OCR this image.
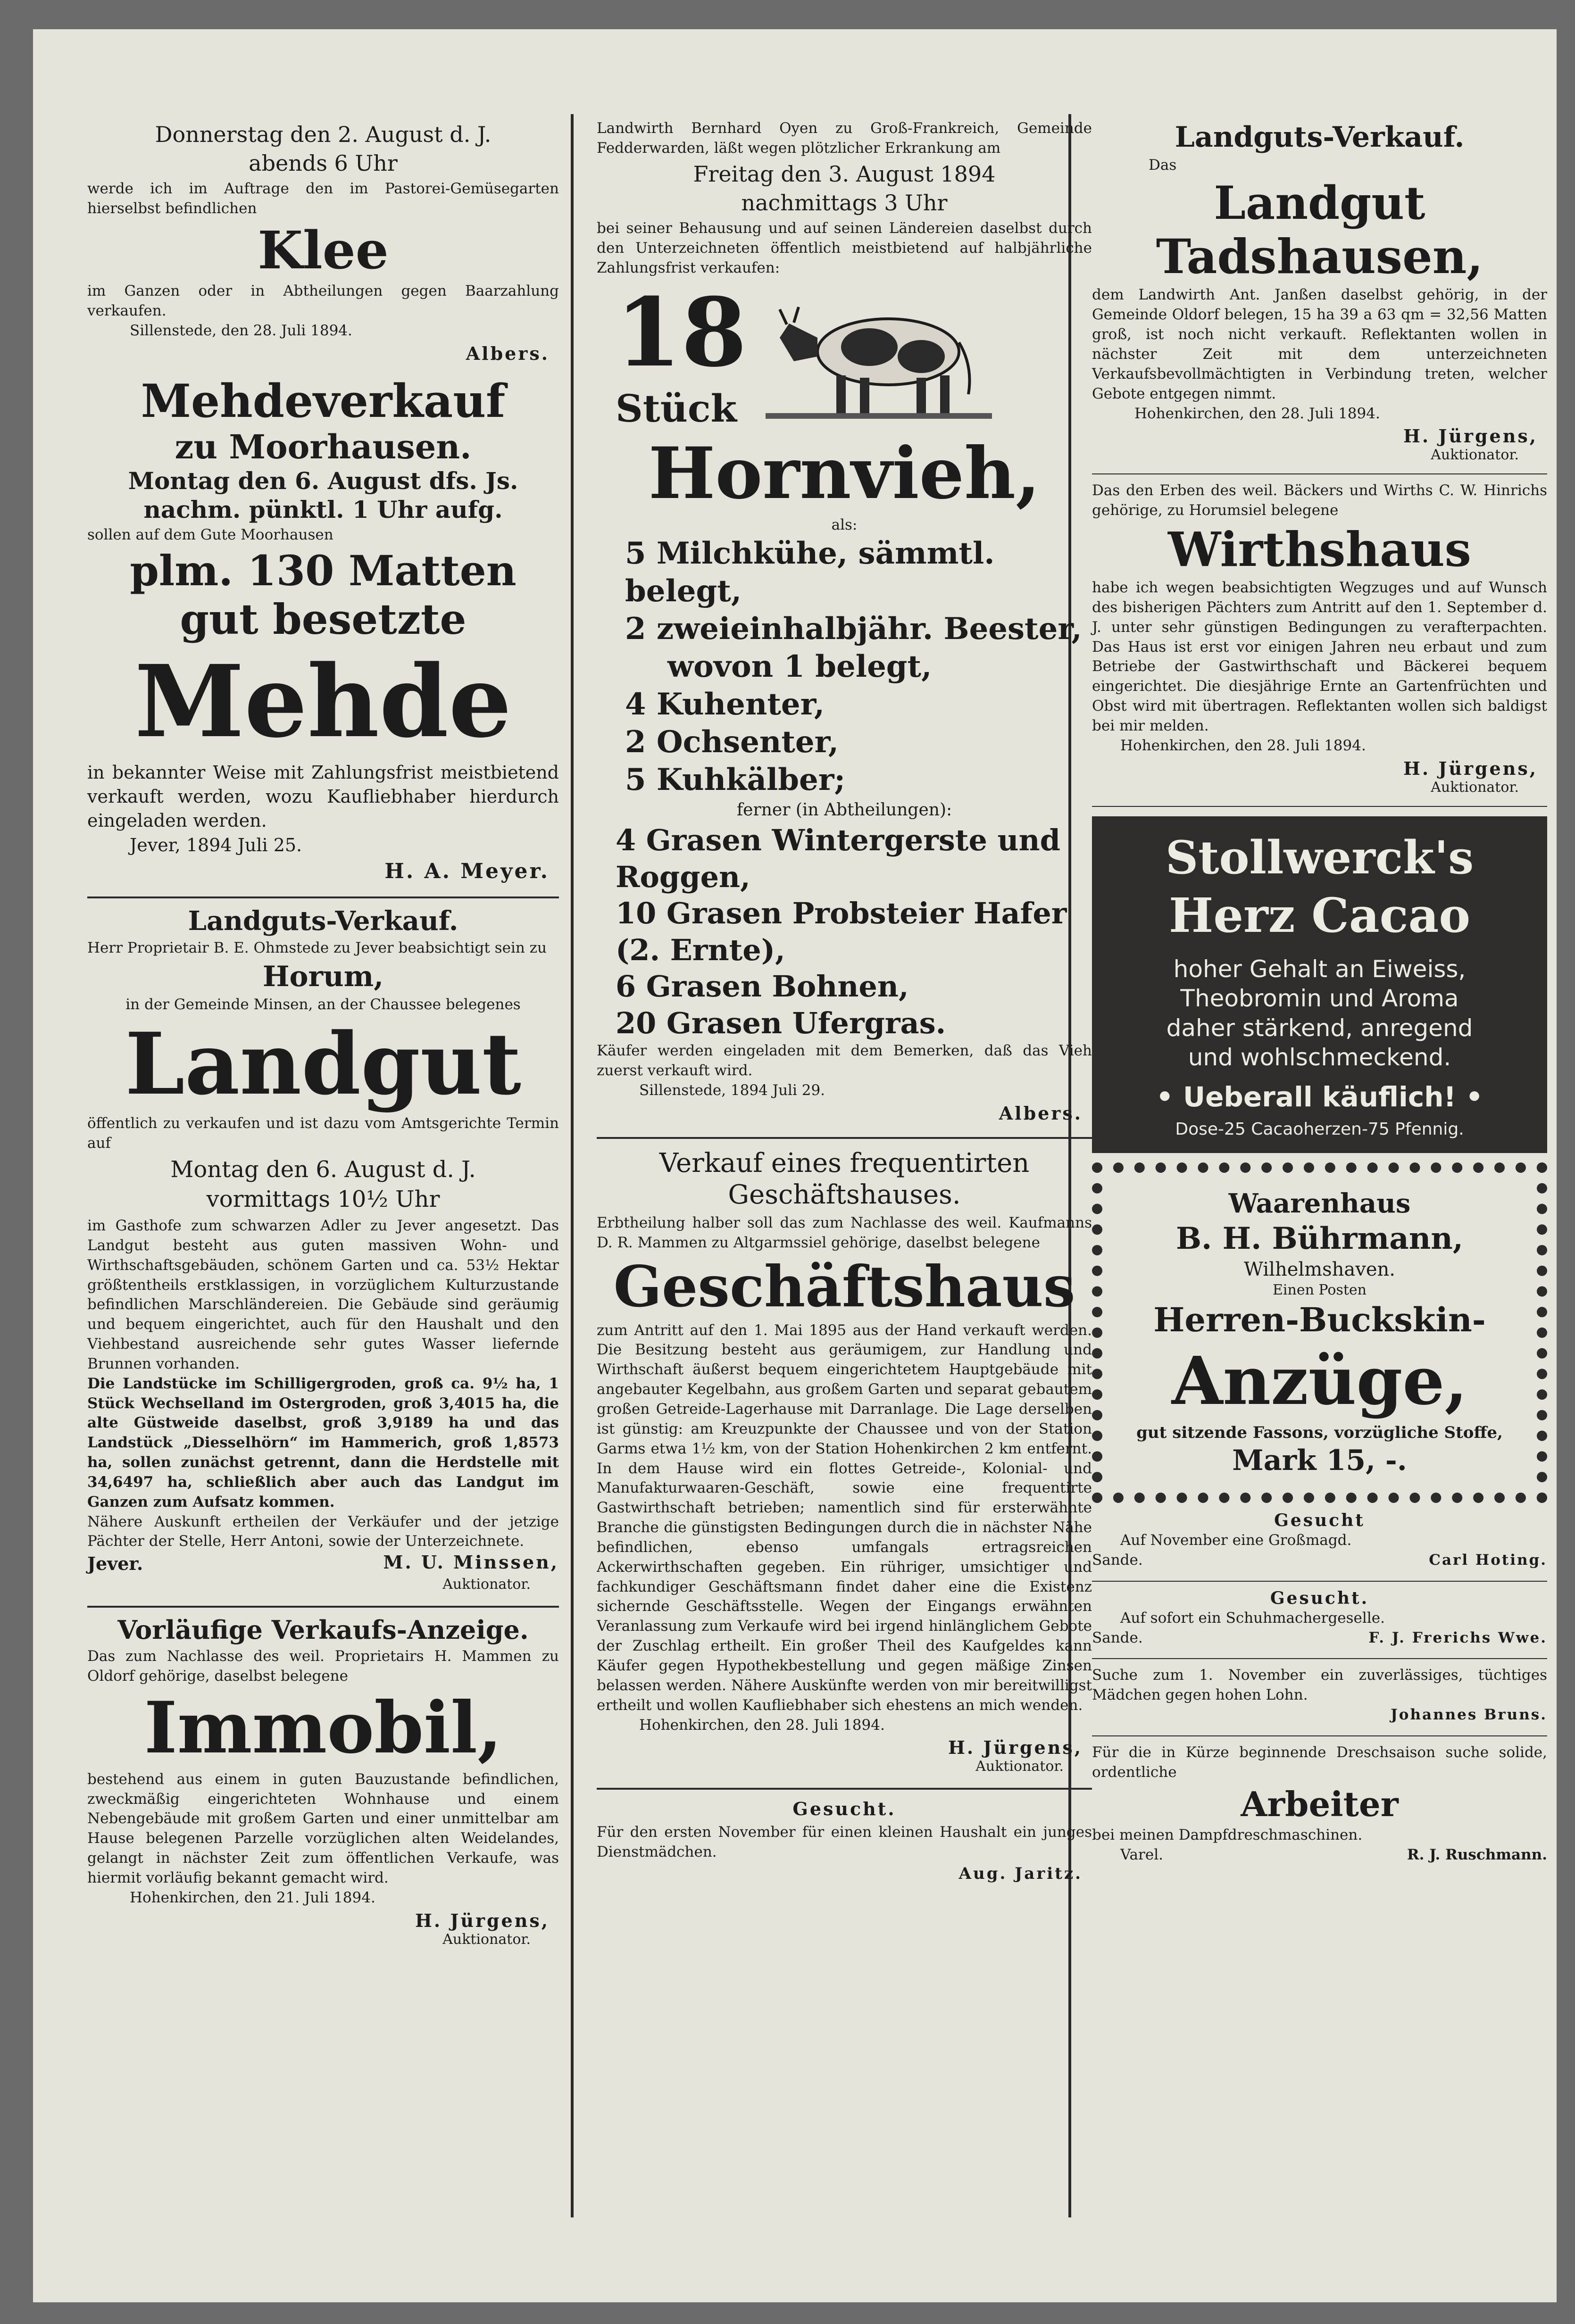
Donnerstag den 2. August d. J.

abends 6 Uhr

werde ich im Auftrage den im Pastorei-Gemüsegarten hierselbst befindlichen

Klee

im Ganzen oder in Abtheilungen gegen Baarzahlung verkaufen.

Sillenstede, den 28. Juli 1894.

Albers.

Mehdeverkauf

zu Moorhausen.

Montag den 6. August dfs. Js.

nachm. pünktl. 1 Uhr aufg.

sollen auf dem Gute Moorhausen

plm. 130 Matten

gut besetzte

Mehde

in bekannter Weise mit Zahlungsfrist meistbietend verkauft werden, wozu Kaufliebhaber hierdurch eingeladen werden.

Jever, 1894 Juli 25.

H. A. Meyer.

Landguts-Verkauf.

Herr Proprietair B. E. Ohmstede zu Jever beabsichtigt sein zu

Horum,

in der Gemeinde Minsen, an der Chaussee belegenes

Landgut

öffentlich zu verkaufen und ist dazu vom Amtsgerichte Termin auf

Montag den 6. August d. J.

vormittags 10½ Uhr

im Gasthofe zum schwarzen Adler zu Jever angesetzt. Das Landgut besteht aus guten massiven Wohn- und Wirthschaftsgebäuden, schönem Garten und ca. 53½ Hektar größtentheils erstklassigen, in vorzüglichem Kulturzustande befindlichen Marschländereien. Die Gebäude sind geräumig und bequem eingerichtet, auch für den Haushalt und den Viehbestand ausreichende sehr gutes Wasser liefernde Brunnen vorhanden.

Die Landstücke im Schilligergroden, groß ca. 9½ ha, 1 Stück Wechselland im Ostergroden, groß 3,4015 ha, die alte Güstweide daselbst, groß 3,9189 ha und das Landstück „Diesselhörn“ im Hammerich, groß 1,8573 ha, sollen zunächst getrennt, dann die Herdstelle mit 34,6497 ha, schließlich aber auch das Landgut im Ganzen zum Aufsatz kommen.

Nähere Auskunft ertheilen der Verkäufer und der jetzige Pächter der Stelle, Herr Antoni, sowie der Unterzeichnete.

Jever.	M. U. Minssen,

Auktionator.

Vorläufige Verkaufs-Anzeige.

Das zum Nachlasse des weil. Proprietairs H. Mammen zu Oldorf gehörige, daselbst belegene

Immobil,

bestehend aus einem in guten Bauzustande befindlichen, zweckmäßig eingerichteten Wohnhause und einem Nebengebäude mit großem Garten und einer unmittelbar am Hause belegenen Parzelle vorzüglichen alten Weidelandes, gelangt in nächster Zeit zum öffentlichen Verkaufe, was hiermit vorläufig bekannt gemacht wird.

Hohenkirchen, den 21. Juli 1894.

H. Jürgens,

Auktionator.

Landwirth Bernhard Oyen zu Groß-Frankreich, Gemeinde Fedderwarden, läßt wegen plötzlicher Erkrankung am

Freitag den 3. August 1894

nachmittags 3 Uhr

bei seiner Behausung und auf seinen Ländereien daselbst durch den Unterzeichneten öffentlich meistbietend auf halbjährliche Zahlungsfrist verkaufen:

18

Stück

Hornvieh,

als:

5 Milchkühe, sämmtl. belegt,

2 zweieinhalbjähr. Beester,

wovon 1 belegt,

4 Kuhenter,

2 Ochsenter,

5 Kuhkälber;

ferner (in Abtheilungen):

4 Grasen Wintergerste und Roggen,

10 Grasen Probsteier Hafer (2. Ernte),

6 Grasen Bohnen,

20 Grasen Ufergras.

Käufer werden eingeladen mit dem Bemerken, daß das Vieh zuerst verkauft wird.

Sillenstede, 1894 Juli 29.

Albers.

Verkauf eines frequentirten Geschäftshauses.

Erbtheilung halber soll das zum Nachlasse des weil. Kaufmanns D. R. Mammen zu Altgarmssiel gehörige, daselbst belegene

Geschäftshaus

zum Antritt auf den 1. Mai 1895 aus der Hand verkauft werden. Die Besitzung besteht aus geräumigem, zur Handlung und Wirthschaft äußerst bequem eingerichtetem Hauptgebäude mit angebauter Kegelbahn, aus großem Garten und separat gebautem großen Getreide-Lagerhause mit Darranlage. Die Lage derselben ist günstig: am Kreuzpunkte der Chaussee und von der Station Garms etwa 1½ km, von der Station Hohenkirchen 2 km entfernt. In dem Hause wird ein flottes Getreide-, Kolonial- und Manufakturwaaren-Geschäft, sowie eine frequentirte Gastwirthschaft betrieben; namentlich sind für ersterwähnte Branche die günstigsten Bedingungen durch die in nächster Nähe befindlichen, ebenso umfangals ertragsreichen Ackerwirthschaften gegeben. Ein rühriger, umsichtiger und fachkundiger Geschäftsmann findet daher eine die Existenz sichernde Geschäftsstelle. Wegen der Eingangs erwähnten Veranlassung zum Verkaufe wird bei irgend hinlänglichem Gebote der Zuschlag ertheilt. Ein großer Theil des Kaufgeldes kann Käufer gegen Hypothekbestellung und gegen mäßige Zinsen belassen werden. Nähere Auskünfte werden von mir bereitwilligst ertheilt und wollen Kaufliebhaber sich ehestens an mich wenden.

Hohenkirchen, den 28. Juli 1894.

H. Jürgens,

Auktionator.

Gesucht.

Für den ersten November für einen kleinen Haushalt ein junges Dienstmädchen.

Aug. Jaritz.

Landguts-Verkauf.

Das

Landgut

Tadshausen,

dem Landwirth Ant. Janßen daselbst gehörig, in der Gemeinde Oldorf belegen, 15 ha 39 a 63 qm = 32,56 Matten groß, ist noch nicht verkauft. Reflektanten wollen in nächster Zeit mit dem unterzeichneten Verkaufsbevollmächtigten in Verbindung treten, welcher Gebote entgegen nimmt.

Hohenkirchen, den 28. Juli 1894.

H. Jürgens,

Auktionator.

Das den Erben des weil. Bäckers und Wirths C. W. Hinrichs gehörige, zu Horumsiel belegene

Wirthshaus

habe ich wegen beabsichtigten Wegzuges und auf Wunsch des bisherigen Pächters zum Antritt auf den 1. September d. J. unter sehr günstigen Bedingungen zu verafterpachten. Das Haus ist erst vor einigen Jahren neu erbaut und zum Betriebe der Gastwirthschaft und Bäckerei bequem eingerichtet. Die diesjährige Ernte an Gartenfrüchten und Obst wird mit übertragen. Reflektanten wollen sich baldigst bei mir melden.

Hohenkirchen, den 28. Juli 1894.

H. Jürgens,

Auktionator.

Stollwerck's

Herz Cacao

hoher Gehalt an Eiweiss,

Theobromin und Aroma

daher stärkend, anregend

und wohlschmeckend.

• Ueberall käuflich! •

Dose-25 Cacaoherzen-75 Pfennig.

Waarenhaus

B. H. Bührmann,

Wilhelmshaven.

Einen Posten

Herren-Buckskin-

Anzüge,

gut sitzende Fassons, vorzügliche Stoffe,

Mark 15, -.

Gesucht

Auf November eine Großmagd.

Sande.	Carl Hoting.

Gesucht.

Auf sofort ein Schuhmachergeselle.

Sande.	F. J. Frerichs Wwe.

Suche zum 1. November ein zuverlässiges, tüchtiges Mädchen gegen hohen Lohn.

Johannes Bruns.

Für die in Kürze beginnende Dreschsaison suche solide, ordentliche

Arbeiter

bei meinen Dampfdreschmaschinen.

Varel.	R. J. Ruschmann.
